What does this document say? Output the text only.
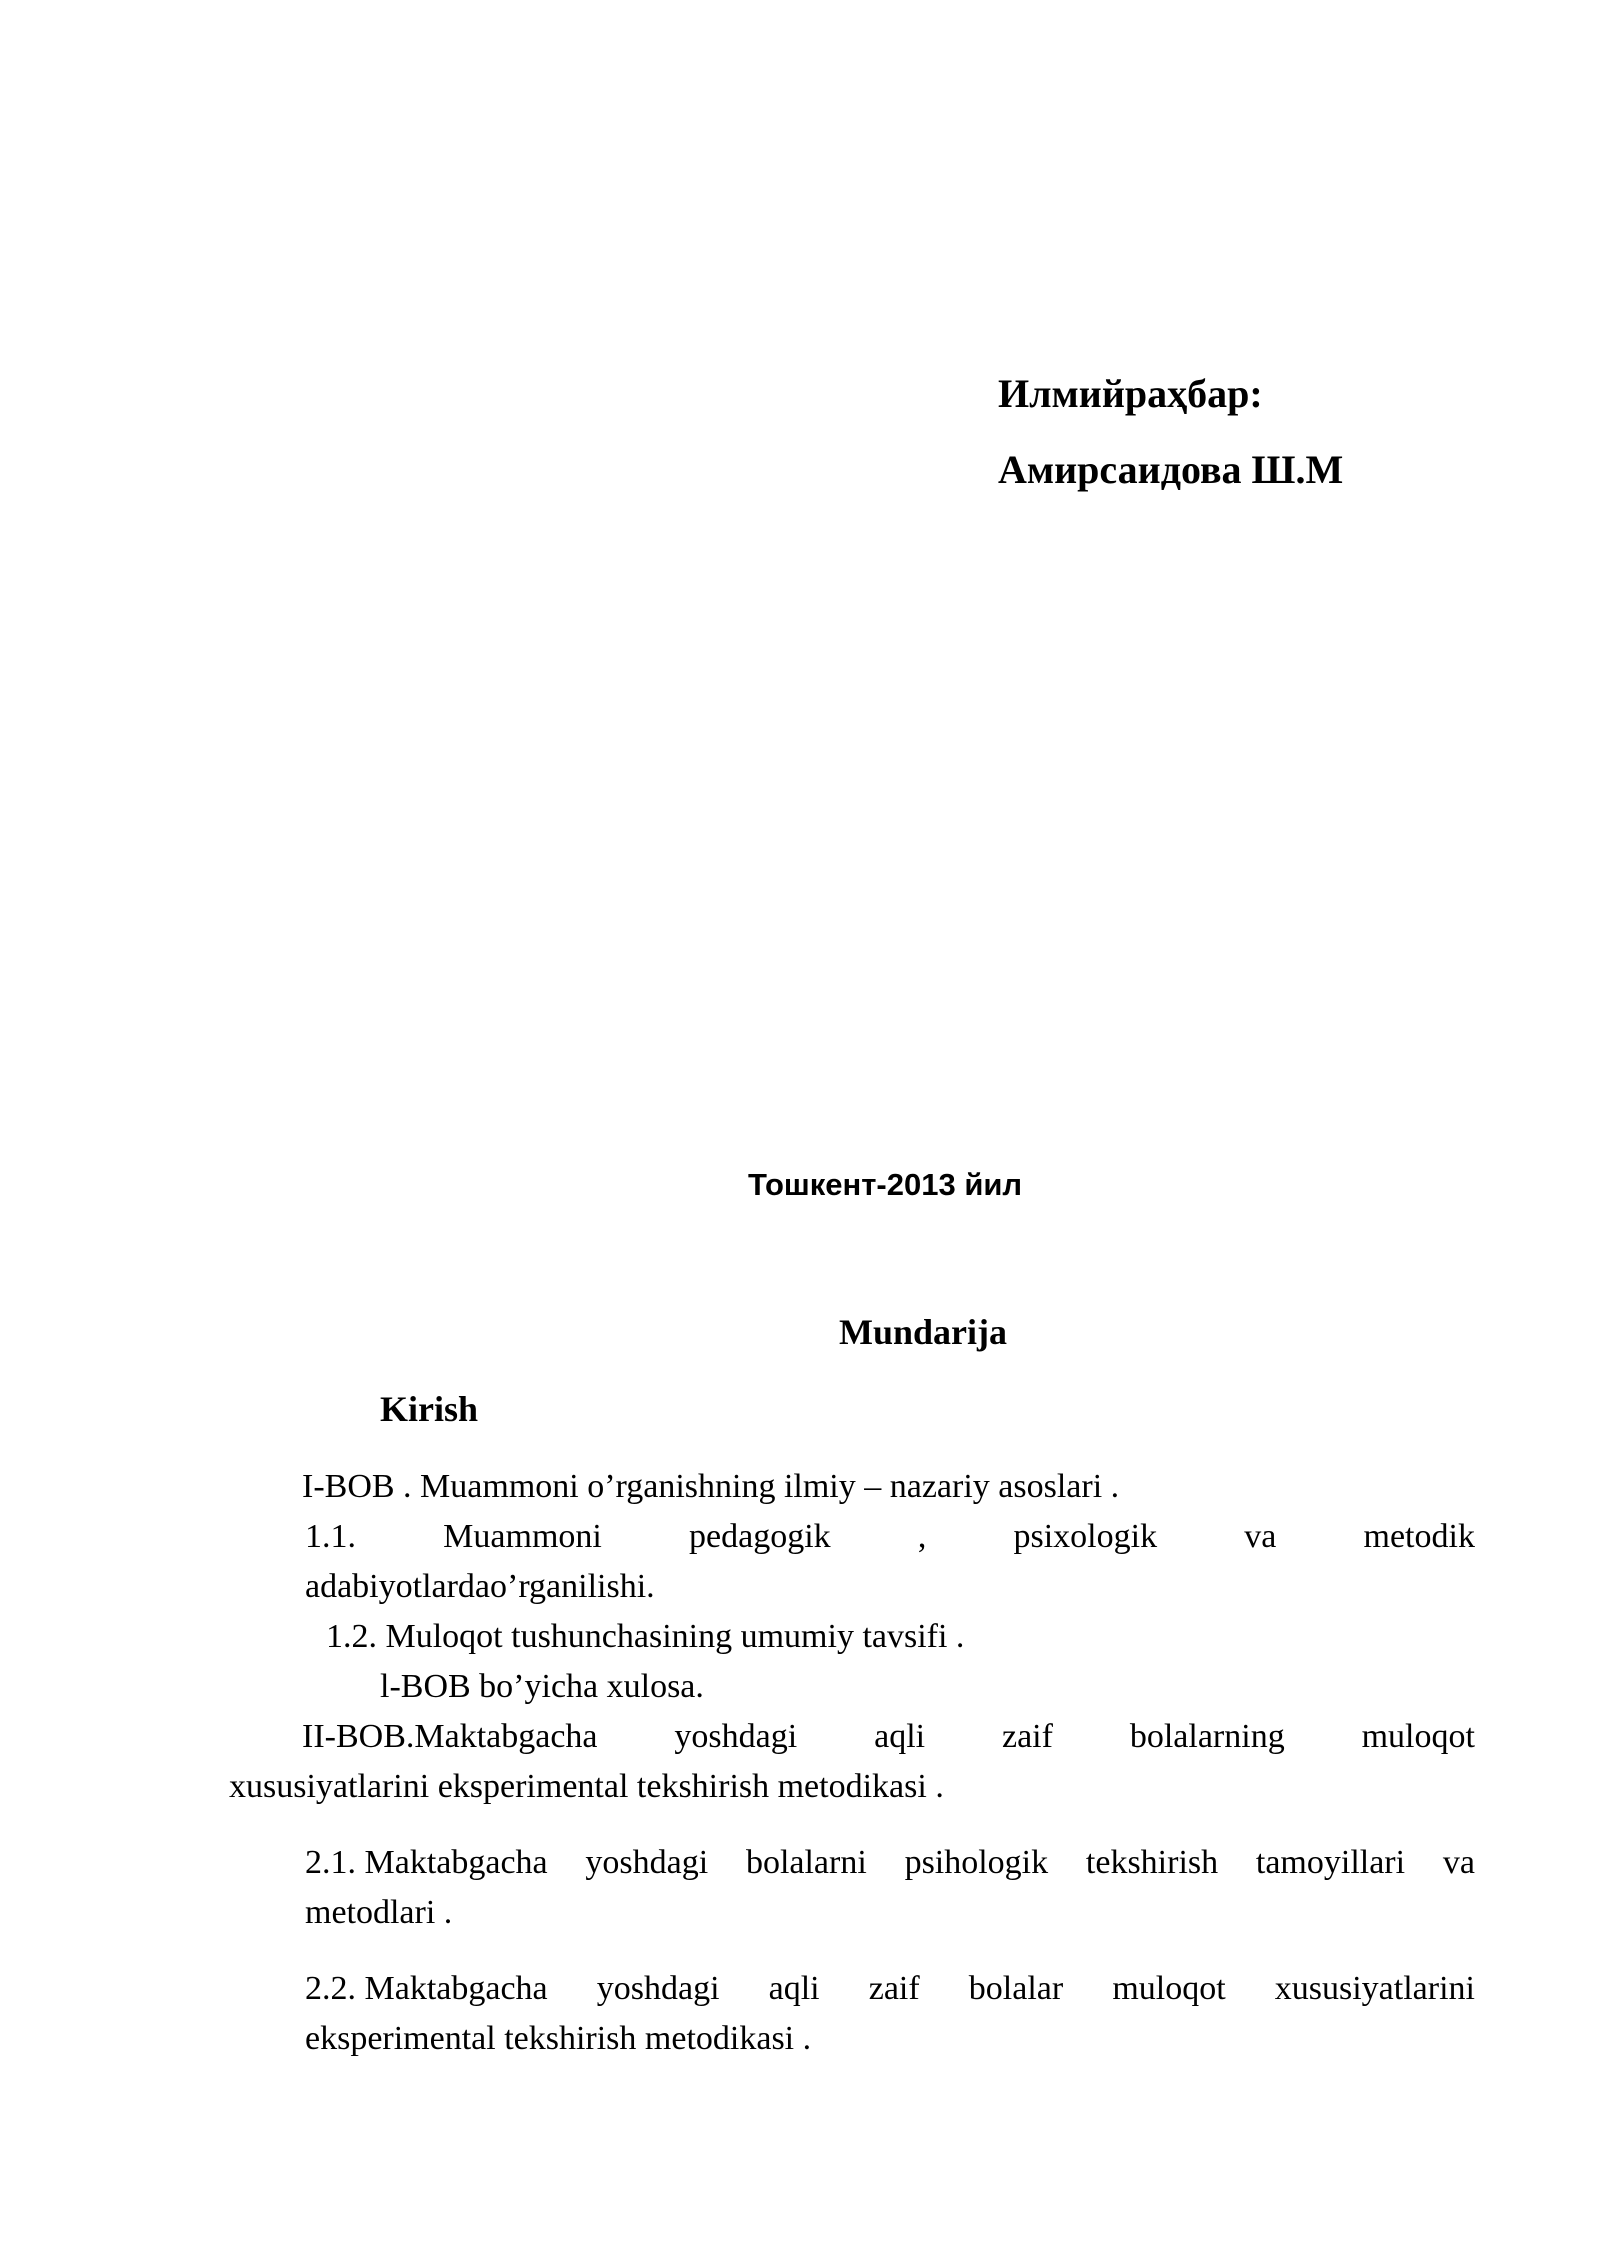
Илмийраҳбар:
Амирсаидова Ш.М
Тошкент-2013 йил
Mundarija
Kirish
I-BOB . Muammoni o’rganishning ilmiy – nazariy asoslari .
1.1.	Muammoni	pedagogik	,	psixologik	va	metodik
adabiyotlardao’rganilishi.
1.2. Muloqot tushunchasining umumiy tavsifi .
l-BOB bo’yicha xulosa.
II-BOB.Maktabgacha yoshdagi aqli zaif bolalarning muloqot
xususiyatlarini eksperimental tekshirish metodikasi .
2.1. Maktabgacha yoshdagi bolalarni psihologik tekshirish tamoyillari va
metodlari .
2.2. Maktabgacha yoshdagi aqli zaif bolalar muloqot xususiyatlarini
eksperimental tekshirish metodikasi .
